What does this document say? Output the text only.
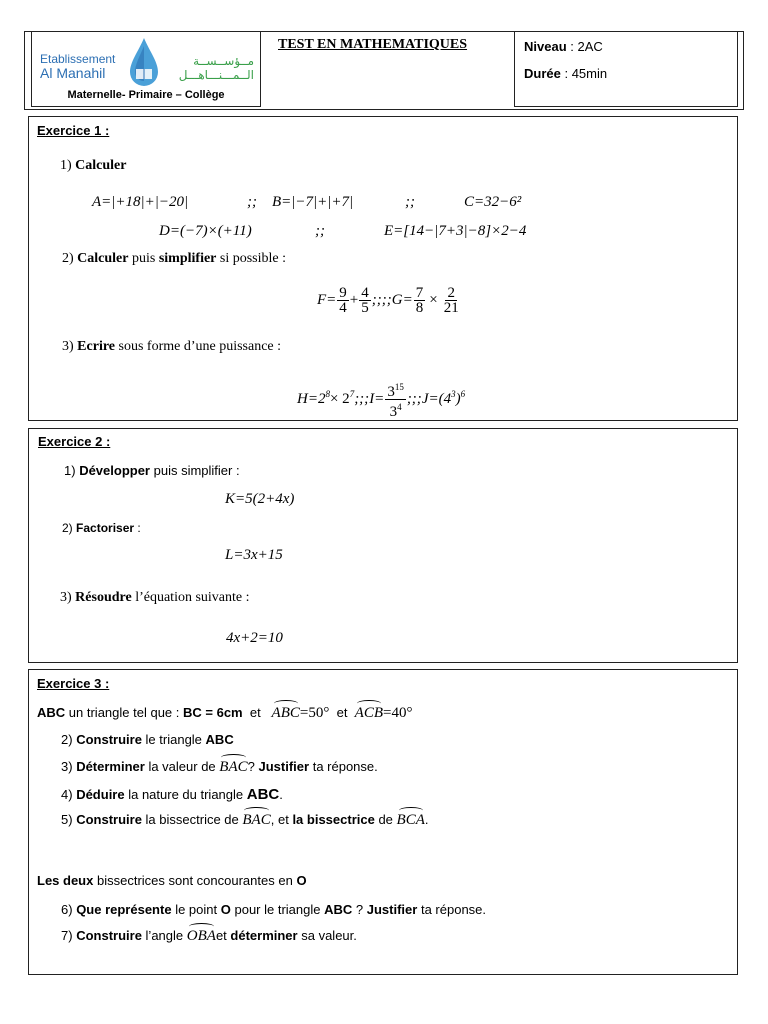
Etablissement
Al Manahil
مــؤســســة
الــمـــنـــاهـــل
Maternelle- Primaire – Collège
TEST EN MATHEMATIQUES	Niveau : 2AC
Durée : 45min
Exercice 1 :
1) Calculer
A=|+18|+|−20|	;; B=|−7|+|+7|	;;	C=32−6²
D=(−7)×(+11)	;;	E=[14−|7+3|−8]×2−4
2) Calculer puis simplifier si possible :
$F= \frac{9}{4} + \frac{4}{5}$ ;;;;G= $\frac{7}{8} \times \frac{2}{21}$
3) Ecrire sous forme d’une puissance :
$H=2^8\times$ $2^7;;;I= \frac{3^{15}}{3^4}$ $;;;J=(4^3)^6$
Exercice 2 :
1) Développer puis simplifier :
K=5(2+4x)
2) Factoriser :
L=3x+15
3) Résoudre l’équation suivante :
4x+2=10
Exercice 3 :
ABC un triangle tel que : BC = 6cm et ABC=50° et ACB=40°
2) Construire le triangle ABC
3) Déterminer la valeur de BAC? Justifier ta réponse.
4) Déduire la nature du triangle ABC.
5) Construire la bissectrice de BAC, et la bissectrice de BCA.
Les deux bissectrices sont concourantes en O
6) Que représente le point O pour le triangle ABC ? Justifier ta réponse.
7) Construire l’angle OBAet déterminer sa valeur.
